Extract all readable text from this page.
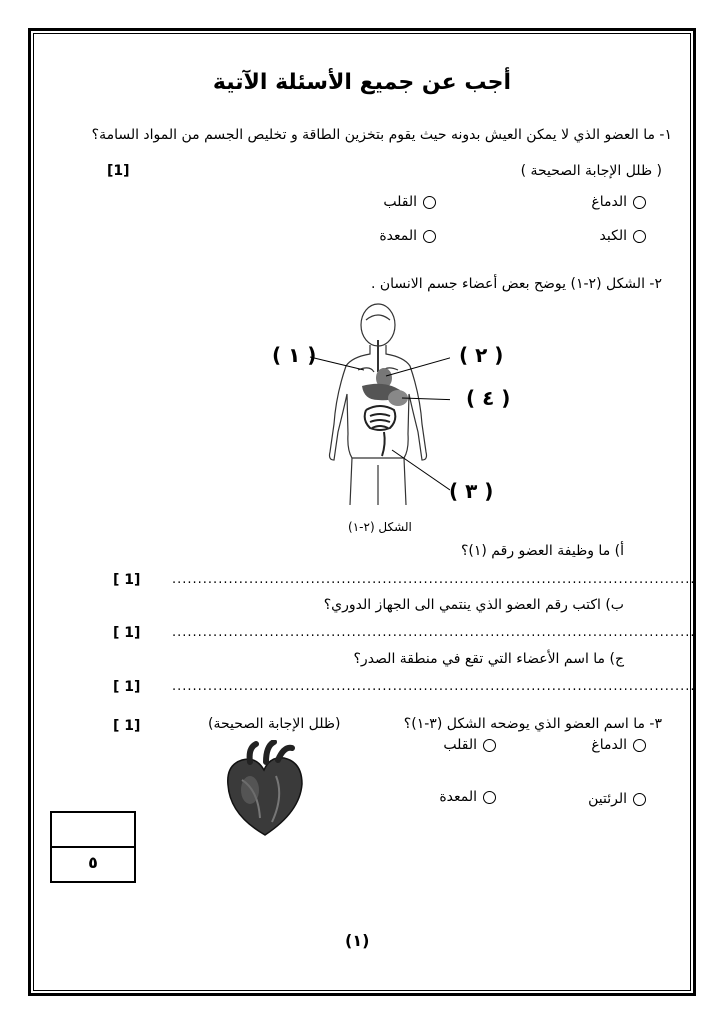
أجب عن جميع الأسئلة الآتية
١- ما العضو الذي لا يمكن العيش بدونه حيث يقوم بتخزين الطاقة و تخليص الجسم من المواد السامة؟
( ظلل الإجابة الصحيحة )
[1]
الدماغ
القلب
الكبد
المعدة
٢- الشكل (٢-١) يوضح بعض أعضاء جسم الانسان .
( ١ )	( ٢ )
( ٤ )
( ٣ )
الشكل (٢-١)
أ) ما وظيفة العضو رقم (١)؟
......................................................................................................
[ 1]
ب) اكتب رقم العضو الذي ينتمي الى الجهاز الدوري؟
......................................................................................................
[ 1]
ج) ما اسم الأعضاء التي تقع في منطقة الصدر؟
......................................................................................................
[ 1]
٣- ما اسم العضو الذي يوضحه الشكل (٣-١)؟
(ظلل الإجابة الصحيحة)
[ 1]
الدماغ
القلب
الرئتين
المعدة
٥
(١)
